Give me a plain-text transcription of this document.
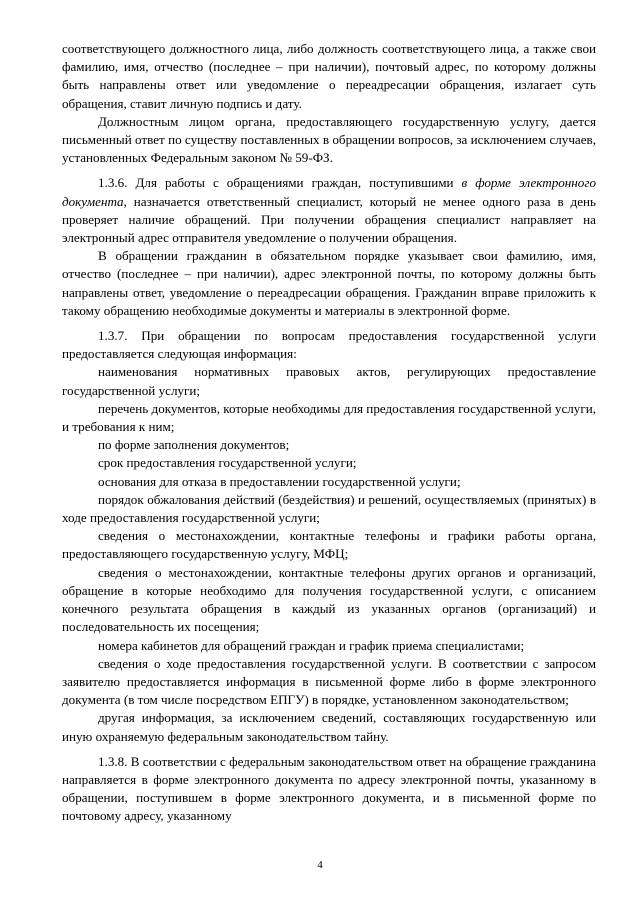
соответствующего должностного лица, либо должность соответствующего лица, а также свои фамилию, имя, отчество (последнее – при наличии), почтовый адрес, по которому должны быть направлены ответ или уведомление о переадресации обращения, излагает суть обращения, ставит личную подпись и дату.

Должностным лицом органа, предоставляющего государственную услугу, дается письменный ответ по существу поставленных в обращении вопросов, за исключением случаев, установленных Федеральным законом № 59-ФЗ.

1.3.6. Для работы с обращениями граждан, поступившими в форме электронного документа, назначается ответственный специалист, который не менее одного раза в день проверяет наличие обращений. При получении обращения специалист направляет на электронный адрес отправителя уведомление о получении обращения.

В обращении гражданин в обязательном порядке указывает свои фамилию, имя, отчество (последнее – при наличии), адрес электронной почты, по которому должны быть направлены ответ, уведомление о переадресации обращения. Гражданин вправе приложить к такому обращению необходимые документы и материалы в электронной форме.

1.3.7. При обращении по вопросам предоставления государственной услуги предоставляется следующая информация:

наименования нормативных правовых актов, регулирующих предоставление государственной услуги;

перечень документов, которые необходимы для предоставления государственной услуги, и требования к ним;

по форме заполнения документов;

срок предоставления государственной услуги;

основания для отказа в предоставлении государственной услуги;

порядок обжалования действий (бездействия) и решений, осуществляемых (принятых) в ходе предоставления государственной услуги;

сведения о местонахождении, контактные телефоны и графики работы органа, предоставляющего государственную услугу, МФЦ;

сведения о местонахождении, контактные телефоны других органов и организаций, обращение в которые необходимо для получения государственной услуги, с описанием конечного результата обращения в каждый из указанных органов (организаций) и последовательность их посещения;

номера кабинетов для обращений граждан и график приема специалистами;

сведения о ходе предоставления государственной услуги. В соответствии с запросом заявителю предоставляется информация в письменной форме либо в форме электронного документа (в том числе посредством ЕПГУ) в порядке, установленном законодательством;

другая информация, за исключением сведений, составляющих государственную или иную охраняемую федеральным законодательством тайну.

1.3.8. В соответствии с федеральным законодательством ответ на обращение гражданина направляется в форме электронного документа по адресу электронной почты, указанному в обращении, поступившем в форме электронного документа, и в письменной форме по почтовому адресу, указанному

4
